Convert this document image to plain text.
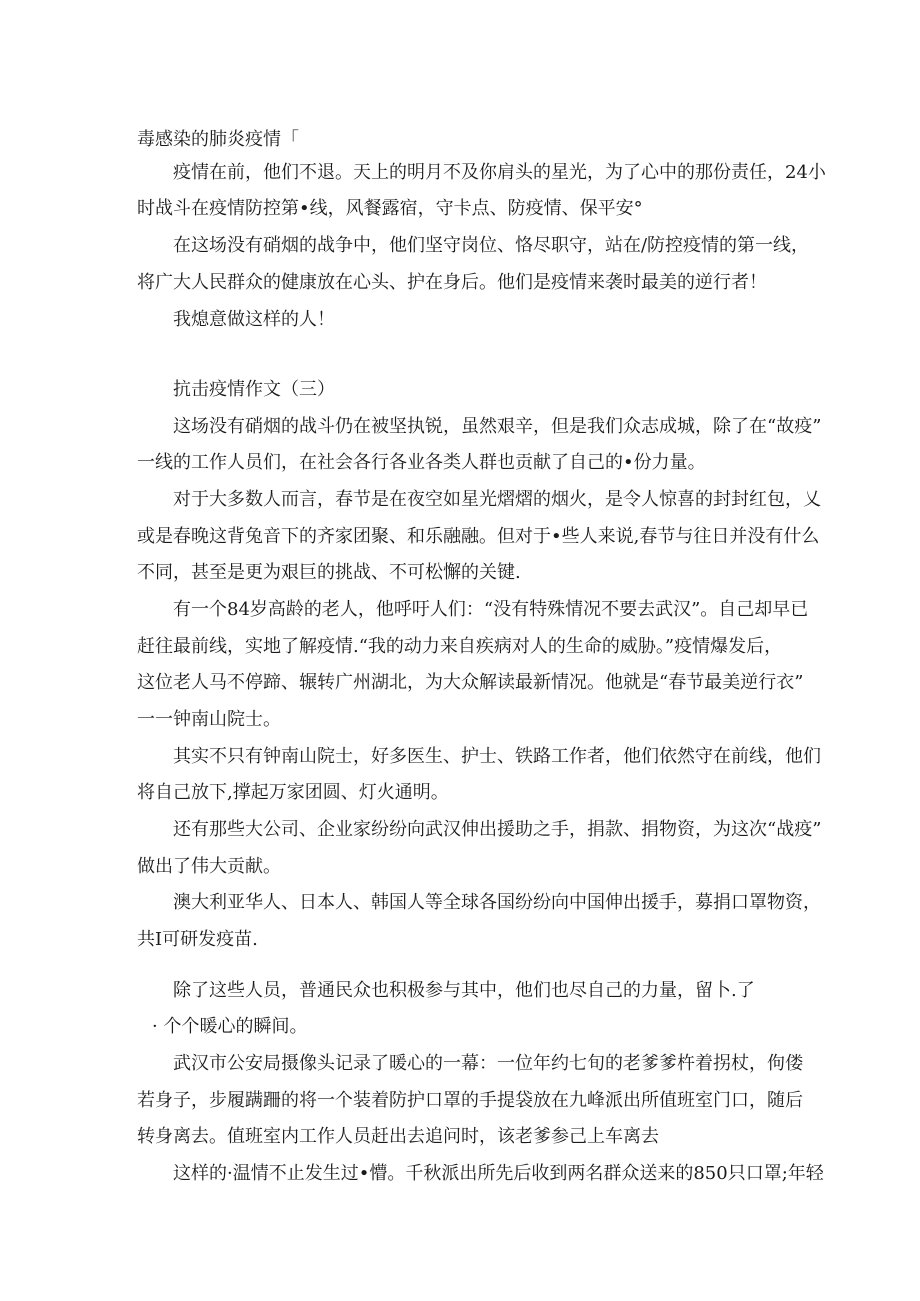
毒感染的肺炎疫情「

疫情在前，他们不退。天上的明月不及你肩头的星光，为了心中的那份责任，24小

时战斗在疫情防控第•线，风餐露宿，守卡点、防疫情、保平安°

在这场没有硝烟的战争中，他们坚守岗位、恪尽职守，站在/防控疫情的第一线，

将广大人民群众的健康放在心头、护在身后。他们是疫情来袭时最美的逆行者！

我熄意做这样的人！

抗击疫情作文（三）

这场没有硝烟的战斗仍在被坚执锐，虽然艰辛，但是我们众志成城，除了在“故疫”

一线的工作人员们，在社会各行各业各类人群也贡献了自己的•份力量。

对于大多数人而言，春节是在夜空如星光熠熠的烟火，是令人惊喜的封封红包，乂

或是春晚这背兔音下的齐家团聚、和乐融融。但对于•些人来说,春节与往日并没有什么

不同，甚至是更为艰巨的挑战、不可松懈的关键.

有一个84岁高龄的老人，他呼吁人们：“没有特殊情况不要去武汉”。自己却早已

赶往最前线，实地了解疫情.“我的动力来自疾病对人的生命的威胁。”疫情爆发后，

这位老人马不停蹄、辗转广州湖北，为大众解读最新情况。他就是“春节最美逆行衣”

一一钟南山院士。

其实不只有钟南山院士，好多医生、护士、铁路工作者，他们依然守在前线，他们

将自己放下,撑起万家团圆、灯火通明。

还有那些大公司、企业家纷纷向武汉伸出援助之手，捐款、捐物资，为这次“战疫”

做出了伟大贡献。

澳大利亚华人、日本人、韩国人等全球各国纷纷向中国伸出援手，募捐口罩物资，

共I可研发疫苗.

除了这些人员，普通民众也积极参与其中，他们也尽自己的力量，留卜.了

· 个个暖心的瞬间。

武汉市公安局摄像头记录了暖心的一幕：一位年约七旬的老爹爹杵着拐杖，佝偻

若身子，步履蹒跚的将一个装着防护口罩的手提袋放在九峰派出所值班室门口，随后

转身离去。值班室内工作人员赶出去追问时，该老爹参己上车离去

这样的·温情不止发生过•懵。千秋派出所先后收到两名群众送来的850只口罩;年轻
